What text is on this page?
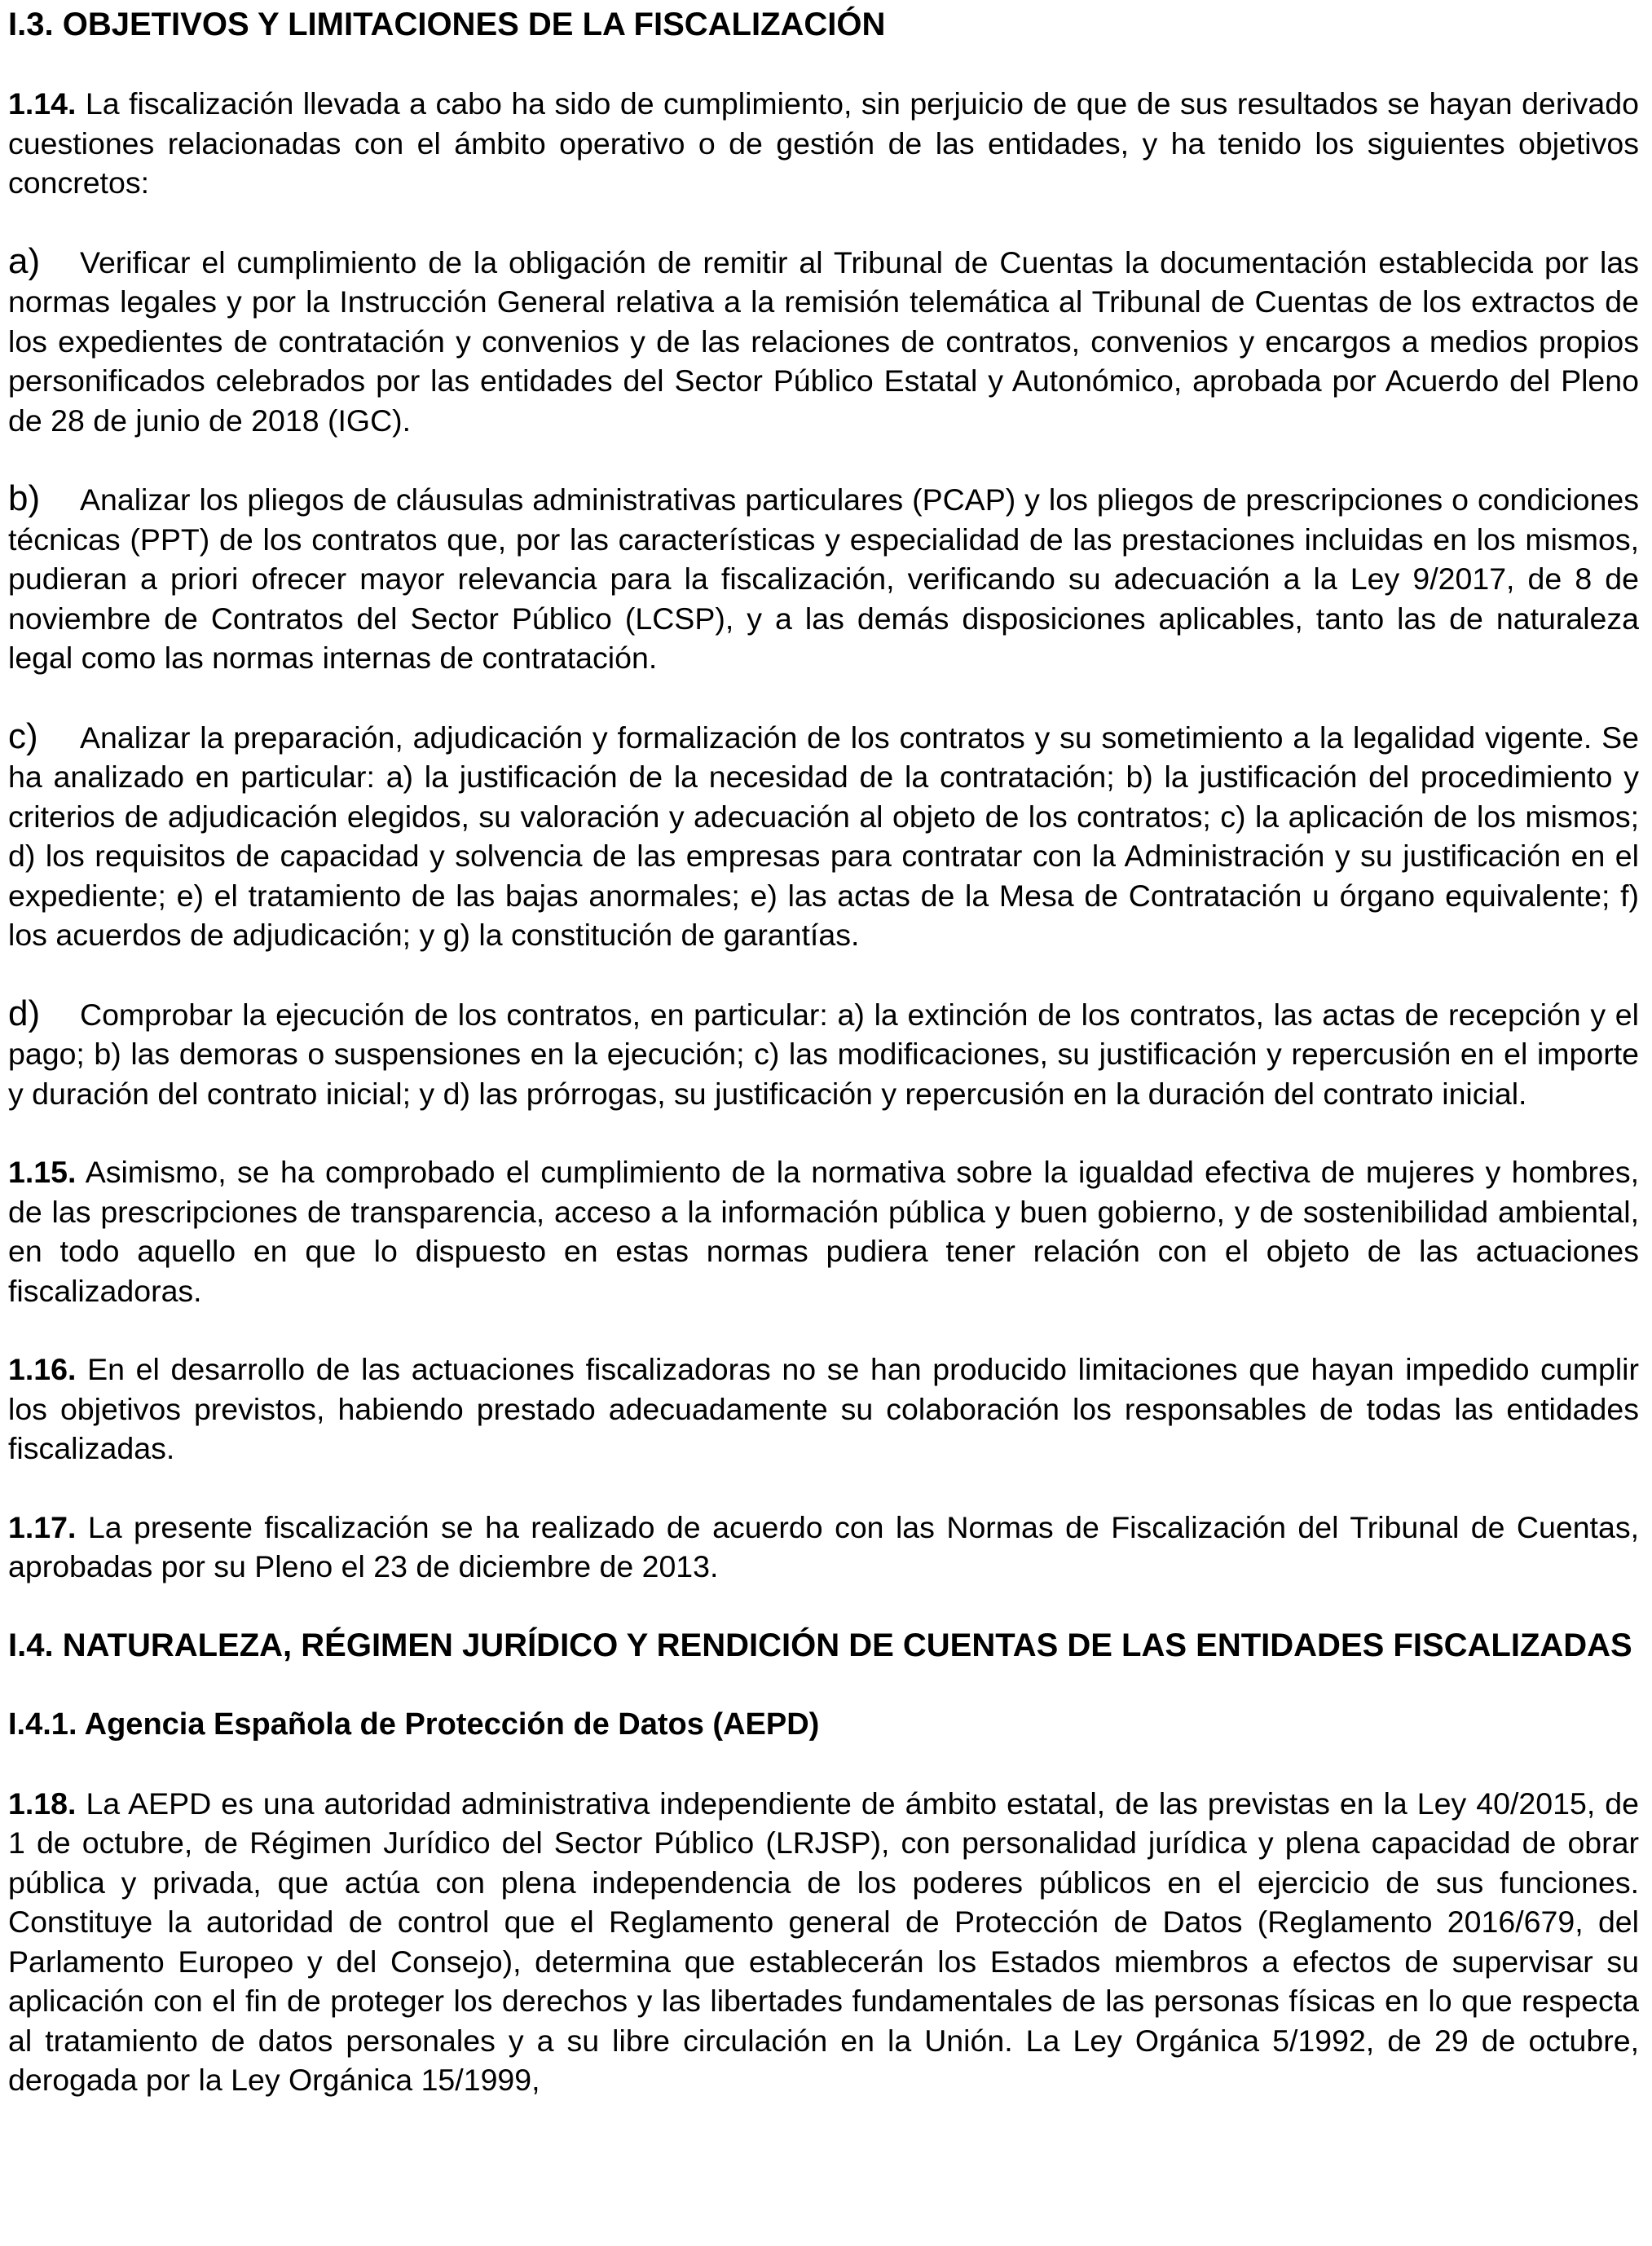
I.3. OBJETIVOS Y LIMITACIONES DE LA FISCALIZACIÓN

1.14. La fiscalización llevada a cabo ha sido de cumplimiento, sin perjuicio de que de sus resultados se hayan derivado cuestiones relacionadas con el ámbito operativo o de gestión de las entidades, y ha tenido los siguientes objetivos concretos:

a) Verificar el cumplimiento de la obligación de remitir al Tribunal de Cuentas la documentación establecida por las normas legales y por la Instrucción General relativa a la remisión telemática al Tribunal de Cuentas de los extractos de los expedientes de contratación y convenios y de las relaciones de contratos, convenios y encargos a medios propios personificados celebrados por las entidades del Sector Público Estatal y Autonómico, aprobada por Acuerdo del Pleno de 28 de junio de 2018 (IGC).

b) Analizar los pliegos de cláusulas administrativas particulares (PCAP) y los pliegos de prescripciones o condiciones técnicas (PPT) de los contratos que, por las características y especialidad de las prestaciones incluidas en los mismos, pudieran a priori ofrecer mayor relevancia para la fiscalización, verificando su adecuación a la Ley 9/2017, de 8 de noviembre de Contratos del Sector Público (LCSP), y a las demás disposiciones aplicables, tanto las de naturaleza legal como las normas internas de contratación.

c) Analizar la preparación, adjudicación y formalización de los contratos y su sometimiento a la legalidad vigente. Se ha analizado en particular: a) la justificación de la necesidad de la contratación; b) la justificación del procedimiento y criterios de adjudicación elegidos, su valoración y adecuación al objeto de los contratos; c) la aplicación de los mismos; d) los requisitos de capacidad y solvencia de las empresas para contratar con la Administración y su justificación en el expediente; e) el tratamiento de las bajas anormales; e) las actas de la Mesa de Contratación u órgano equivalente; f) los acuerdos de adjudicación; y g) la constitución de garantías.

d) Comprobar la ejecución de los contratos, en particular: a) la extinción de los contratos, las actas de recepción y el pago; b) las demoras o suspensiones en la ejecución; c) las modificaciones, su justificación y repercusión en el importe y duración del contrato inicial; y d) las prórrogas, su justificación y repercusión en la duración del contrato inicial.

1.15. Asimismo, se ha comprobado el cumplimiento de la normativa sobre la igualdad efectiva de mujeres y hombres, de las prescripciones de transparencia, acceso a la información pública y buen gobierno, y de sostenibilidad ambiental, en todo aquello en que lo dispuesto en estas normas pudiera tener relación con el objeto de las actuaciones fiscalizadoras.

1.16. En el desarrollo de las actuaciones fiscalizadoras no se han producido limitaciones que hayan impedido cumplir los objetivos previstos, habiendo prestado adecuadamente su colaboración los responsables de todas las entidades fiscalizadas.

1.17. La presente fiscalización se ha realizado de acuerdo con las Normas de Fiscalización del Tribunal de Cuentas, aprobadas por su Pleno el 23 de diciembre de 2013.

I.4. NATURALEZA, RÉGIMEN JURÍDICO Y RENDICIÓN DE CUENTAS DE LAS ENTIDADES FISCALIZADAS
I.4.1. Agencia Española de Protección de Datos (AEPD)

1.18. La AEPD es una autoridad administrativa independiente de ámbito estatal, de las previstas en la Ley 40/2015, de 1 de octubre, de Régimen Jurídico del Sector Público (LRJSP), con personalidad jurídica y plena capacidad de obrar pública y privada, que actúa con plena independencia de los poderes públicos en el ejercicio de sus funciones. Constituye la autoridad de control que el Reglamento general de Protección de Datos (Reglamento 2016/679, del Parlamento Europeo y del Consejo), determina que establecerán los Estados miembros a efectos de supervisar su aplicación con el fin de proteger los derechos y las libertades fundamentales de las personas físicas en lo que respecta al tratamiento de datos personales y a su libre circulación en la Unión. La Ley Orgánica 5/1992, de 29 de octubre, derogada por la Ley Orgánica 15/1999,
